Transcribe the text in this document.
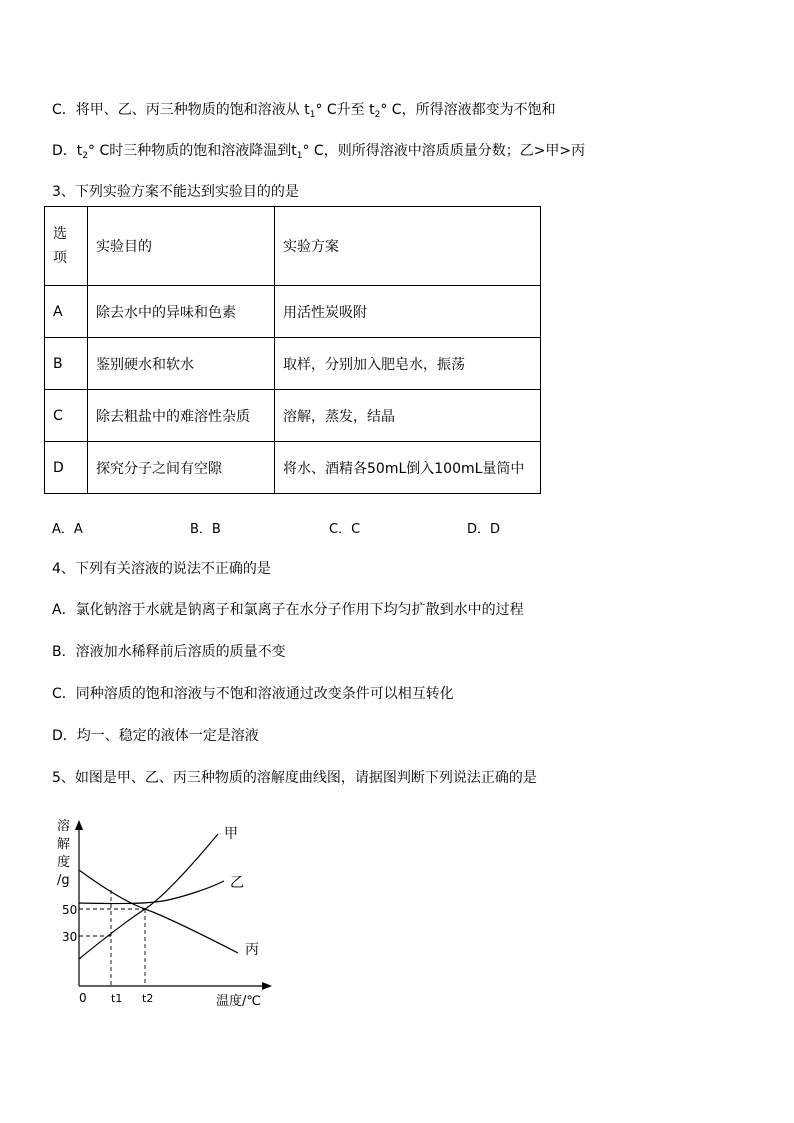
C．将甲、乙、丙三种物质的饱和溶液从 $t_1^\circ$ C升至 $t_2^\circ$ C，所得溶液都变为不饱和
D．$t_2^\circ$ C时三种物质的饱和溶液降温到$t_1^\circ$ C，则所得溶液中溶质质量分数；乙>甲>丙
3、下列实验方案不能达到实验目的的是
选项	实验目的	实验方案
A	除去水中的异味和色素	用活性炭吸附
B	鉴别硬水和软水	取样，分别加入肥皂水，振荡
C	除去粗盐中的难溶性杂质	溶解，蒸发，结晶
D	探究分子之间有空隙	将水、酒精各50mL倒入100mL量筒中
A．A	B．B	C．C	D．D
4、下列有关溶液的说法不正确的是
A．氯化钠溶于水就是钠离子和氯离子在水分子作用下均匀扩散到水中的过程
B．溶液加水稀释前后溶质的质量不变
C．同种溶质的饱和溶液与不饱和溶液通过改变条件可以相互转化
D．均一、稳定的液体一定是溶液
5、如图是甲、乙、丙三种物质的溶解度曲线图，请据图判断下列说法正确的是
溶
解
度
/g
50
30
甲
乙
丙
0 t1 t2	温度/℃
